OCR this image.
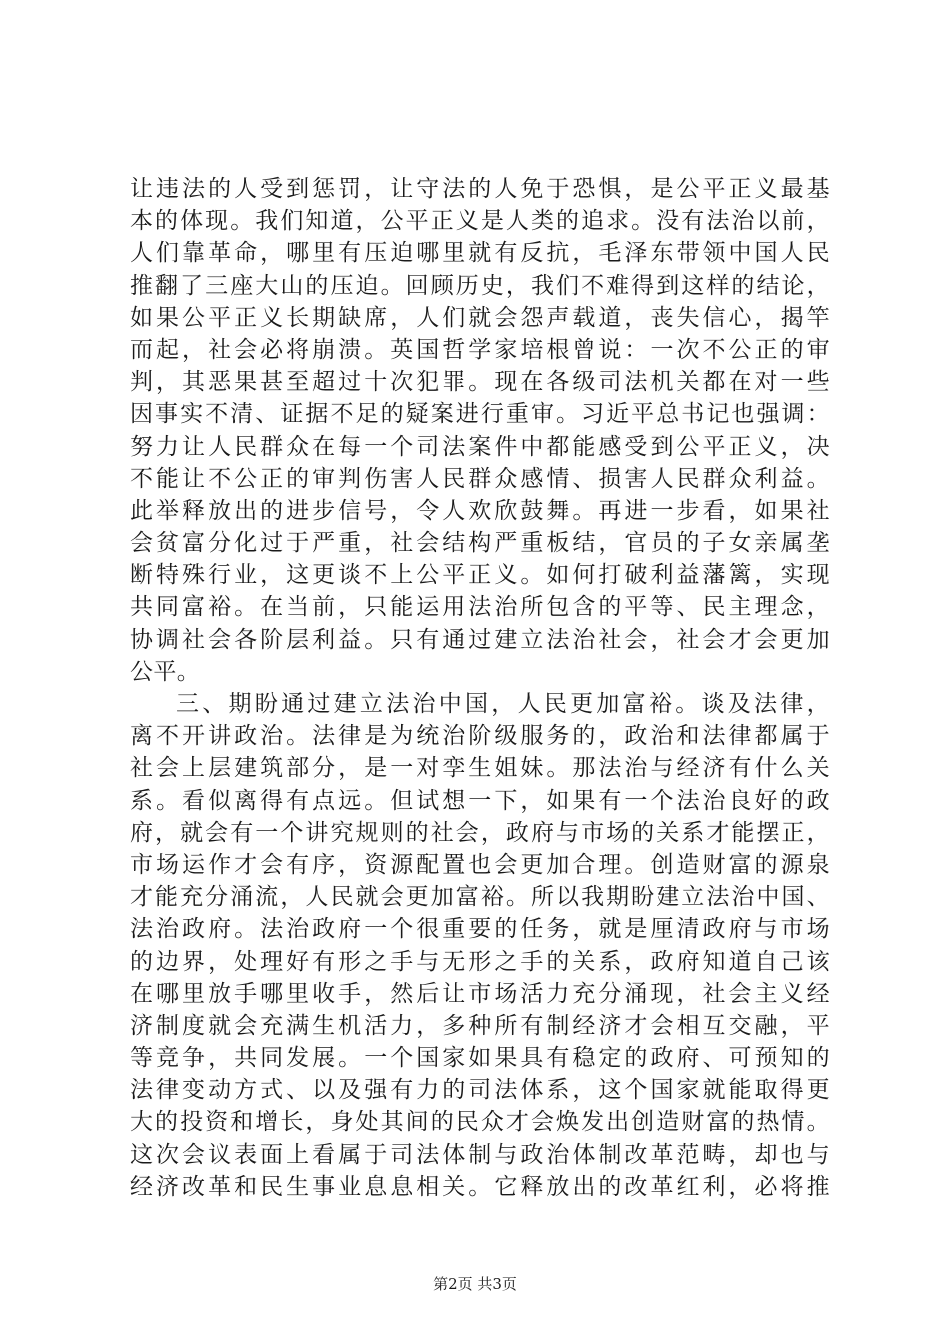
让违法的人受到惩罚，让守法的人免于恐惧，是公平正义最基
本的体现。我们知道，公平正义是人类的追求。没有法治以前，
人们靠革命，哪里有压迫哪里就有反抗，毛泽东带领中国人民
推翻了三座大山的压迫。回顾历史，我们不难得到这样的结论，
如果公平正义长期缺席，人们就会怨声载道，丧失信心，揭竿
而起，社会必将崩溃。英国哲学家培根曾说：一次不公正的审
判，其恶果甚至超过十次犯罪。现在各级司法机关都在对一些
因事实不清、证据不足的疑案进行重审。习近平总书记也强调：
努力让人民群众在每一个司法案件中都能感受到公平正义，决
不能让不公正的审判伤害人民群众感情、损害人民群众利益。
此举释放出的进步信号，令人欢欣鼓舞。再进一步看，如果社
会贫富分化过于严重，社会结构严重板结，官员的子女亲属垄
断特殊行业，这更谈不上公平正义。如何打破利益藩篱，实现
共同富裕。在当前，只能运用法治所包含的平等、民主理念，
协调社会各阶层利益。只有通过建立法治社会，社会才会更加
公平。
三、期盼通过建立法治中国，人民更加富裕。谈及法律，
离不开讲政治。法律是为统治阶级服务的，政治和法律都属于
社会上层建筑部分，是一对孪生姐妹。那法治与经济有什么关
系。看似离得有点远。但试想一下，如果有一个法治良好的政
府，就会有一个讲究规则的社会，政府与市场的关系才能摆正，
市场运作才会有序，资源配置也会更加合理。创造财富的源泉
才能充分涌流，人民就会更加富裕。所以我期盼建立法治中国、
法治政府。法治政府一个很重要的任务，就是厘清政府与市场
的边界，处理好有形之手与无形之手的关系，政府知道自己该
在哪里放手哪里收手，然后让市场活力充分涌现，社会主义经
济制度就会充满生机活力，多种所有制经济才会相互交融，平
等竞争，共同发展。一个国家如果具有稳定的政府、可预知的
法律变动方式、以及强有力的司法体系，这个国家就能取得更
大的投资和增长，身处其间的民众才会焕发出创造财富的热情。
这次会议表面上看属于司法体制与政治体制改革范畴，却也与
经济改革和民生事业息息相关。它释放出的改革红利，必将推
第2页 共3页
